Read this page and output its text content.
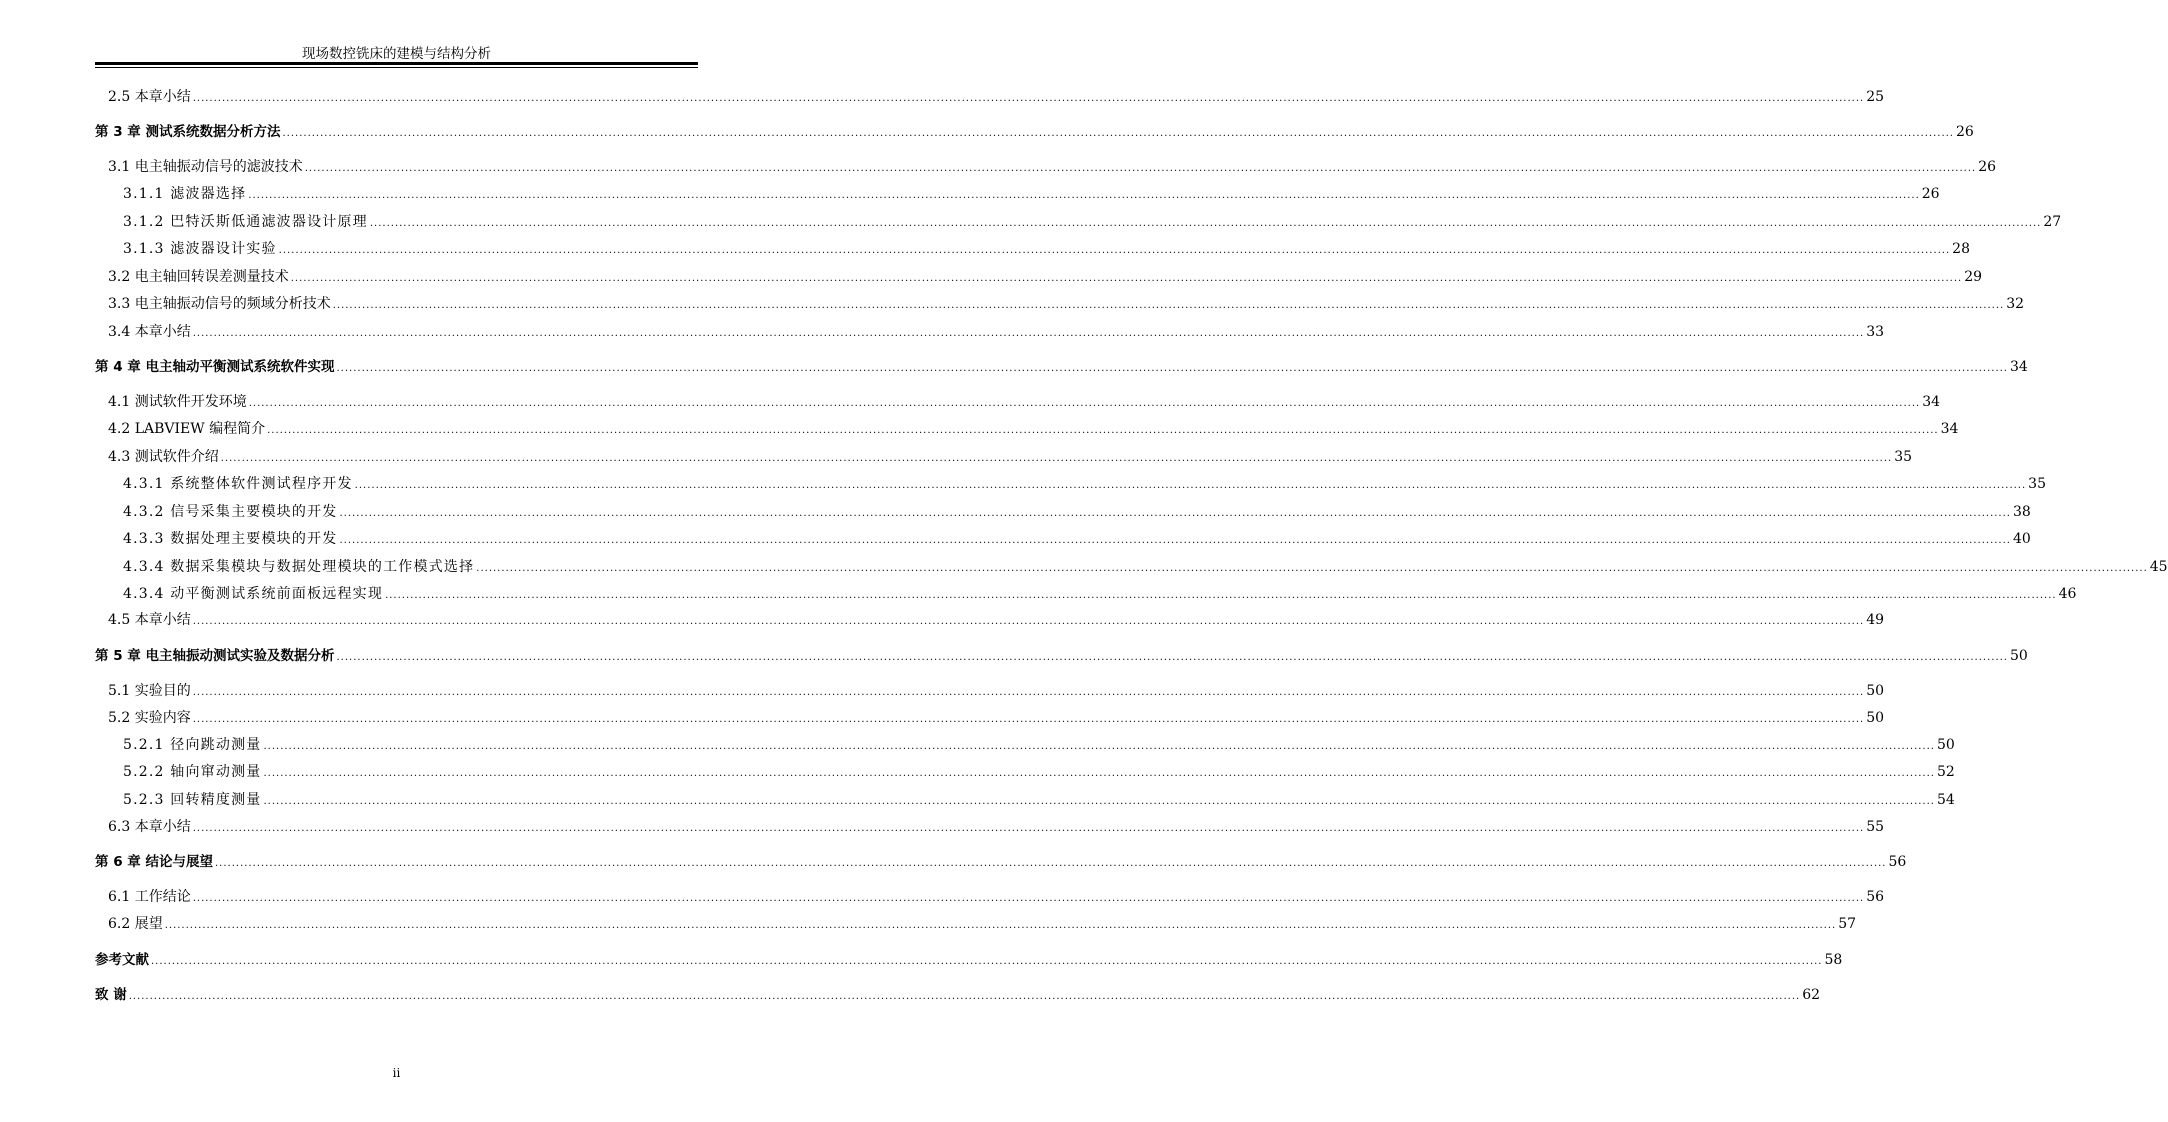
现场数控铣床的建模与结构分析
2.5 本章小结 ................................................................................................................................................................................................................................................................................................................................................................................................................ 25
第 3 章 测试系统数据分析方法 ................................................................................................................................................................................................................................................................................................................................................................................................................ 26
3.1 电主轴振动信号的滤波技术 ................................................................................................................................................................................................................................................................................................................................................................................................................ 26
3.1.1 滤波器选择 ................................................................................................................................................................................................................................................................................................................................................................................................................ 26
3.1.2 巴特沃斯低通滤波器设计原理 ................................................................................................................................................................................................................................................................................................................................................................................................................ 27
3.1.3 滤波器设计实验 ................................................................................................................................................................................................................................................................................................................................................................................................................ 28
3.2 电主轴回转误差测量技术 ................................................................................................................................................................................................................................................................................................................................................................................................................ 29
3.3 电主轴振动信号的频域分析技术 ................................................................................................................................................................................................................................................................................................................................................................................................................ 32
3.4 本章小结 ................................................................................................................................................................................................................................................................................................................................................................................................................ 33
第 4 章 电主轴动平衡测试系统软件实现 ................................................................................................................................................................................................................................................................................................................................................................................................................ 34
4.1 测试软件开发环境 ................................................................................................................................................................................................................................................................................................................................................................................................................ 34
4.2 LABVIEW 编程简介 ................................................................................................................................................................................................................................................................................................................................................................................................................ 34
4.3 测试软件介绍 ................................................................................................................................................................................................................................................................................................................................................................................................................ 35
4.3.1 系统整体软件测试程序开发 ................................................................................................................................................................................................................................................................................................................................................................................................................ 35
4.3.2 信号采集主要模块的开发 ................................................................................................................................................................................................................................................................................................................................................................................................................ 38
4.3.3 数据处理主要模块的开发 ................................................................................................................................................................................................................................................................................................................................................................................................................ 40
4.3.4 数据采集模块与数据处理模块的工作模式选择 ................................................................................................................................................................................................................................................................................................................................................................................................................ 45
4.3.4 动平衡测试系统前面板远程实现 ................................................................................................................................................................................................................................................................................................................................................................................................................ 46
4.5 本章小结 ................................................................................................................................................................................................................................................................................................................................................................................................................ 49
第 5 章 电主轴振动测试实验及数据分析 ................................................................................................................................................................................................................................................................................................................................................................................................................ 50
5.1 实验目的 ................................................................................................................................................................................................................................................................................................................................................................................................................ 50
5.2 实验内容 ................................................................................................................................................................................................................................................................................................................................................................................................................ 50
5.2.1 径向跳动测量 ................................................................................................................................................................................................................................................................................................................................................................................................................ 50
5.2.2 轴向窜动测量 ................................................................................................................................................................................................................................................................................................................................................................................................................ 52
5.2.3 回转精度测量 ................................................................................................................................................................................................................................................................................................................................................................................................................ 54
6.3 本章小结 ................................................................................................................................................................................................................................................................................................................................................................................................................ 55
第 6 章 结论与展望 ................................................................................................................................................................................................................................................................................................................................................................................................................ 56
6.1 工作结论 ................................................................................................................................................................................................................................................................................................................................................................................................................ 56
6.2 展望 ................................................................................................................................................................................................................................................................................................................................................................................................................ 57
参考文献 ................................................................................................................................................................................................................................................................................................................................................................................................................ 58
致 谢 ................................................................................................................................................................................................................................................................................................................................................................................................................ 62
ii
